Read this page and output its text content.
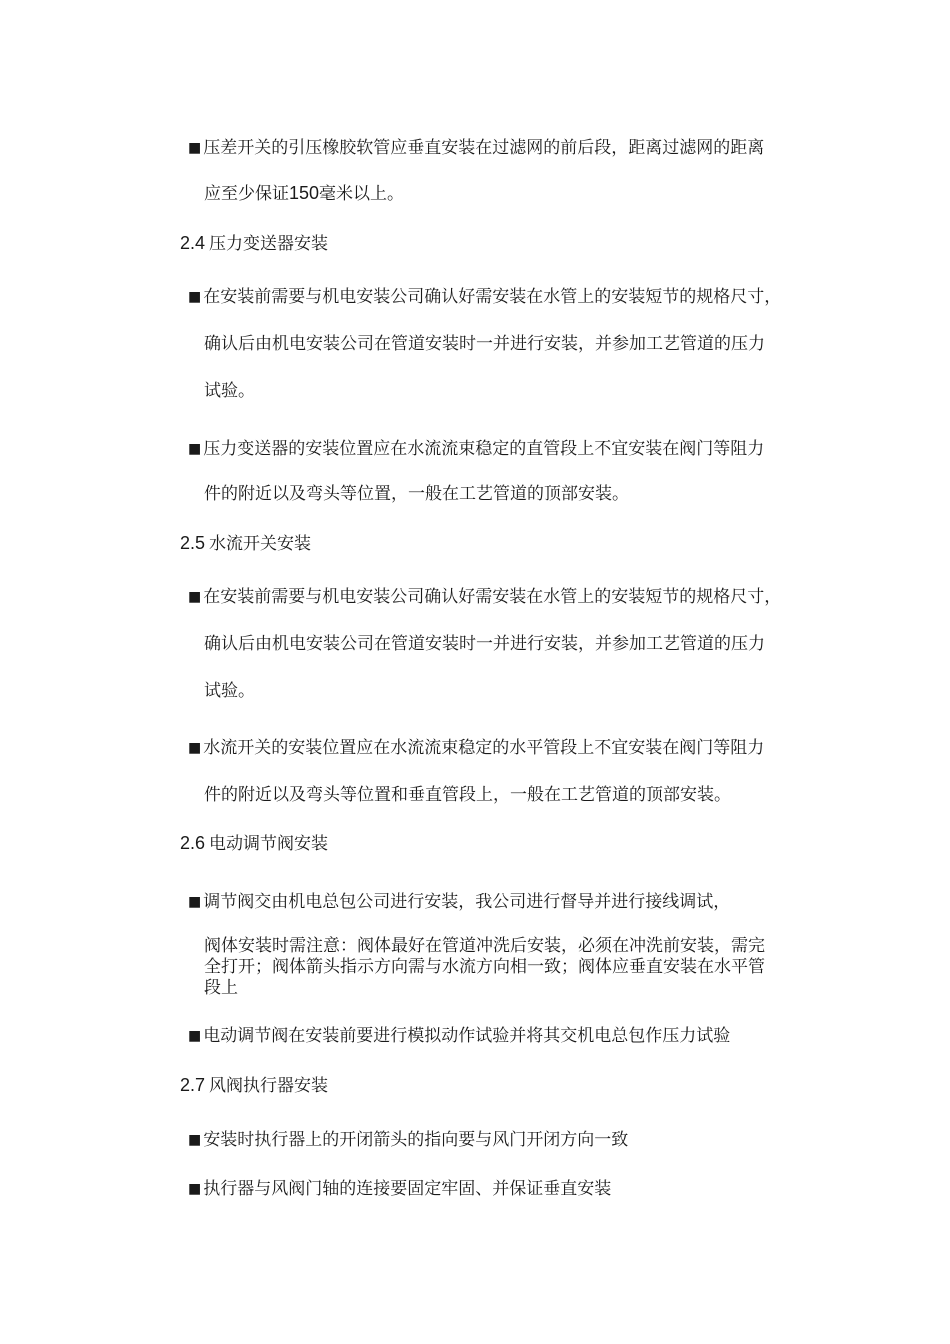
■ 压差开关的引压橡胶软管应垂直安装在过滤网的前后段，距离过滤网的距离
应至少保证150毫米以上。
2.4 压力变送器安装
■ 在安装前需要与机电安装公司确认好需安装在水管上的安装短节的规格尺寸，
确认后由机电安装公司在管道安装时一并进行安装，并参加工艺管道的压力
试验。
■ 压力变送器的安装位置应在水流流束稳定的直管段上不宜安装在阀门等阻力
件的附近以及弯头等位置，一般在工艺管道的顶部安装。
2.5 水流开关安装
■ 在安装前需要与机电安装公司确认好需安装在水管上的安装短节的规格尺寸，
确认后由机电安装公司在管道安装时一并进行安装，并参加工艺管道的压力
试验。
■ 水流开关的安装位置应在水流流束稳定的水平管段上不宜安装在阀门等阻力
件的附近以及弯头等位置和垂直管段上，一般在工艺管道的顶部安装。
2.6 电动调节阀安装
■ 调节阀交由机电总包公司进行安装，我公司进行督导并进行接线调试，
阀体安装时需注意：阀体最好在管道冲洗后安装，必须在冲洗前安装，需完
全打开；阀体箭头指示方向需与水流方向相一致；阀体应垂直安装在水平管
段上
■ 电动调节阀在安装前要进行模拟动作试验并将其交机电总包作压力试验
2.7 风阀执行器安装
■ 安装时执行器上的开闭箭头的指向要与风门开闭方向一致
■ 执行器与风阀门轴的连接要固定牢固、并保证垂直安装
